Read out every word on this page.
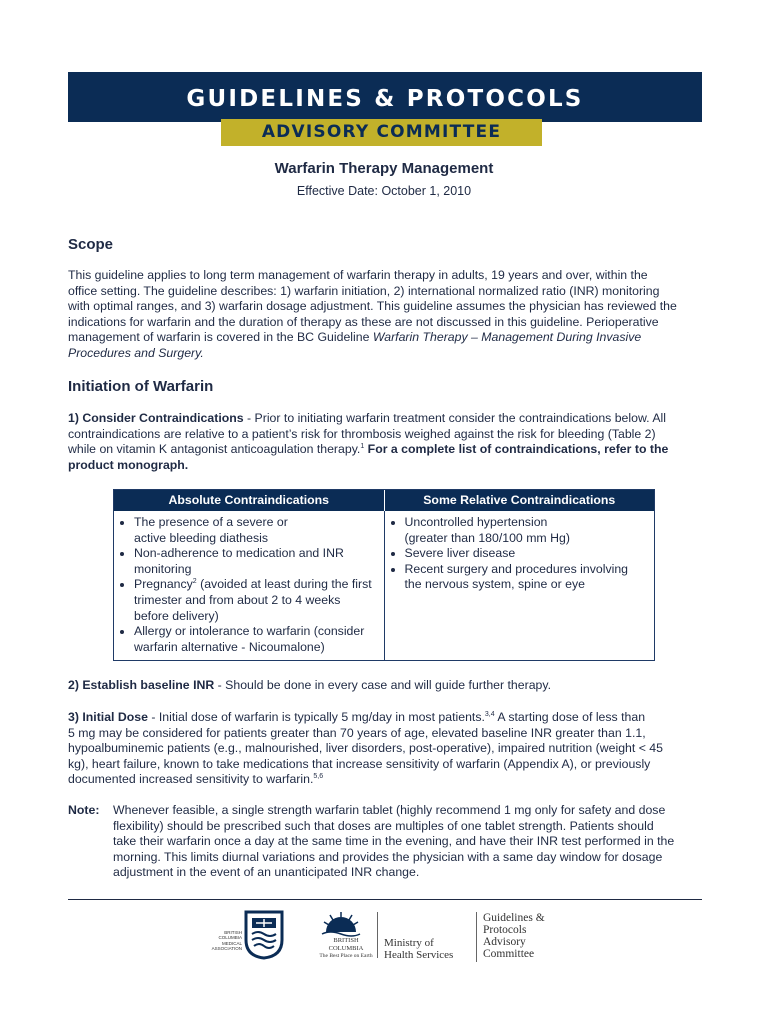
GUIDELINES & PROTOCOLS
ADVISORY COMMITTEE
Warfarin Therapy Management
Effective Date: October 1, 2010
Scope
This guideline applies to long term management of warfarin therapy in adults, 19 years and over, within the
office setting. The guideline describes: 1) warfarin initiation, 2) international normalized ratio (INR) monitoring
with optimal ranges, and 3) warfarin dosage adjustment. This guideline assumes the physician has reviewed the
indications for warfarin and the duration of therapy as these are not discussed in this guideline. Perioperative
management of warfarin is covered in the BC Guideline Warfarin Therapy – Management During Invasive
Procedures and Surgery.
Initiation of Warfarin
1) Consider Contraindications - Prior to initiating warfarin treatment consider the contraindications below. All
contraindications are relative to a patient’s risk for thrombosis weighed against the risk for bleeding (Table 2)
while on vitamin K antagonist anticoagulation therapy.$^1$ For a complete list of contraindications, refer to the
product monograph.
Absolute Contraindications	Some Relative Contraindications
• The presence of a severe or
active bleeding diathesis
• Non-adherence to medication and INR
monitoring
• Pregnancy$^2$ (avoided at least during the first
trimester and from about 2 to 4 weeks
before delivery)
• Allergy or intolerance to warfarin (consider
warfarin alternative - Nicoumalone)
• Uncontrolled hypertension
(greater than 180/100 mm Hg)
• Severe liver disease
• Recent surgery and procedures involving
the nervous system, spine or eye
2) Establish baseline INR - Should be done in every case and will guide further therapy.
3) Initial Dose - Initial dose of warfarin is typically 5 mg/day in most patients.$^{3,4}$ A starting dose of less than
5 mg may be considered for patients greater than 70 years of age, elevated baseline INR greater than 1.1,
hypoalbuminemic patients (e.g., malnourished, liver disorders, post-operative), impaired nutrition (weight < 45
kg), heart failure, known to take medications that increase sensitivity of warfarin (Appendix A), or previously
documented increased sensitivity to warfarin.$^{5,6}$
Note: Whenever feasible, a single strength warfarin tablet (highly recommend 1 mg only for safety and dose
flexibility) should be prescribed such that doses are multiples of one tablet strength. Patients should
take their warfarin once a day at the same time in the evening, and have their INR test performed in the
morning. This limits diurnal variations and provides the physician with a same day window for dosage
adjustment in the event of an unanticipated INR change.
BRITISH
COLUMBIA
MEDICAL
ASSOCIATION
BRITISH
COLUMBIA
The Best Place on Earth
Ministry of
Health Services
Guidelines &
Protocols
Advisory
Committee
